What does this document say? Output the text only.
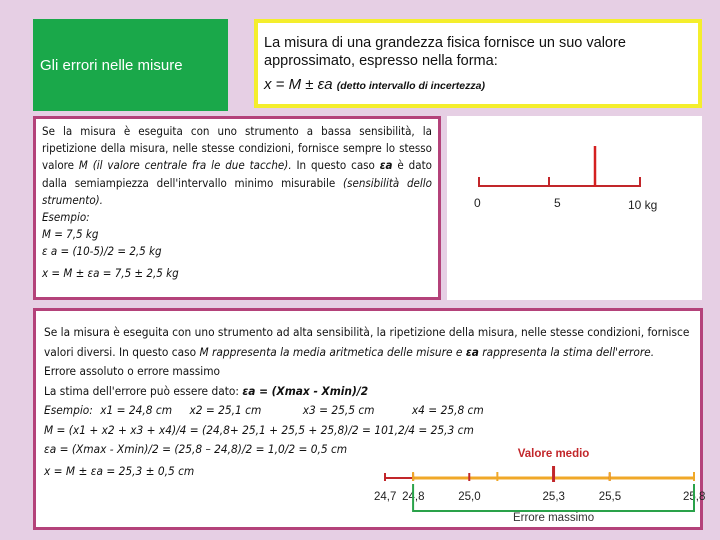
Gli errori nelle misure
La misura di una grandezza fisica fornisce un suo valore approssimato, espresso nella forma:
x = M ± εa (detto intervallo di incertezza)

Se la misura è eseguita con uno strumento a bassa sensibilità, la ripetizione della misura, nelle stesse condizioni, fornisce sempre lo stesso valore M (il valore centrale fra le due tacche). In questo caso εa è dato dalla semiampiezza dell'intervallo minimo misurabile (sensibilità dello strumento).

Esempio:
M = 7,5 kg
ε a = (10-5)/2 = 2,5 kg
x = M ± εa = 7,5 ± 2,5 kg
0	5	10 kg

Se la misura è eseguita con uno strumento ad alta sensibilità, la ripetizione della misura, nelle stesse condizioni, fornisce valori diversi. In questo caso M rappresenta la media aritmetica delle misure e εa rappresenta la stima dell'errore.

Errore assoluto o errore massimo
La stima dell'errore può essere dato: εa = (Xmax - Xmin)/2
Esempio: x1 = 24,8 cm x2 = 25,1 cm	x3 = 25,5 cm	x4 = 25,8 cm
M = (x1 + x2 + x3 + x4)/4 = (24,8+ 25,1 + 25,5 + 25,8)/2 = 101,2/4 = 25,3 cm
εa = (Xmax - Xmin)/2 = (25,8 – 24,8)/2 = 1,0/2 = 0,5 cm
x = M ± εa = 25,3 ± 0,5 cm
24,7 24,8	25,0	25,3	25,5	25,8
Valore medio
Errore massimo
